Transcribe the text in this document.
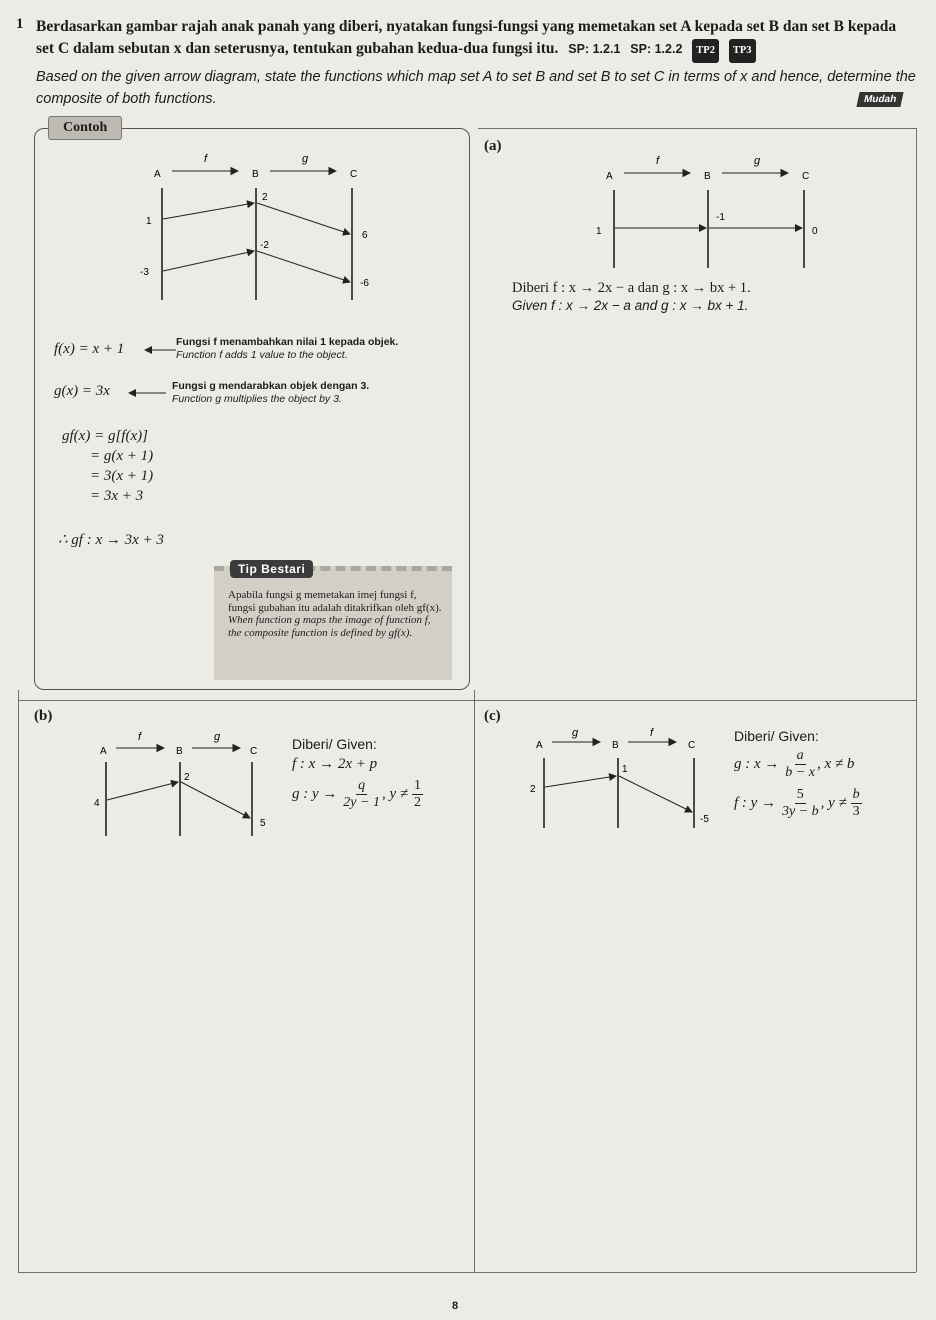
1 Berdasarkan gambar rajah anak panah yang diberi, nyatakan fungsi-fungsi yang memetakan set A kepada set B dan set B kepada set C dalam sebutan x dan seterusnya, tentukan gubahan kedua-dua fungsi itu. SP: 1.2.1 SP: 1.2.2 TP2 TP3
Based on the given arrow diagram, state the functions which map set A to set B and set B to set C in terms of x and hence, determine the composite of both functions.	Mudah
Contoh
A	B	C
f	g
1
-3
2
-2
6
-6
f(x) = x + 1	Fungsi f menambahkan nilai 1 kepada objek.
Function f adds 1 value to the object.
g(x) = 3x	Fungsi g mendarabkan objek dengan 3.
Function g multiplies the object by 3.
gf(x) = g[f(x)]
= g(x + 1)
= 3(x + 1)
= 3x + 3
∴ gf : x → 3x + 3
Apabila fungsi g memetakan imej fungsi f, fungsi gubahan itu adalah ditakrifkan oleh gf(x).
When function g maps the image of function f, the composite function is defined by gf(x).
Tip Bestari
(a)
A	B	C
f	g
1
-1
0
Diberi f : x → 2x − a dan g : x → bx + 1.
Given f : x → 2x − a and g : x → bx + 1.
(b)
A	B	C
f	g
4
2
5
Diberi/ Given:
f : x → 2x + p
g : $y \to \frac{q}{2y - 1}$ , $y \ne \frac{1}{2}$
(c)
A	B	C
g	f
2
1
-5
Diberi/ Given:
g : $x \to \frac{a}{b - x}$ , x ≠ b
f : $y \to \frac{5}{3y - b}$ , $y \ne \frac{b}{3}$
8
